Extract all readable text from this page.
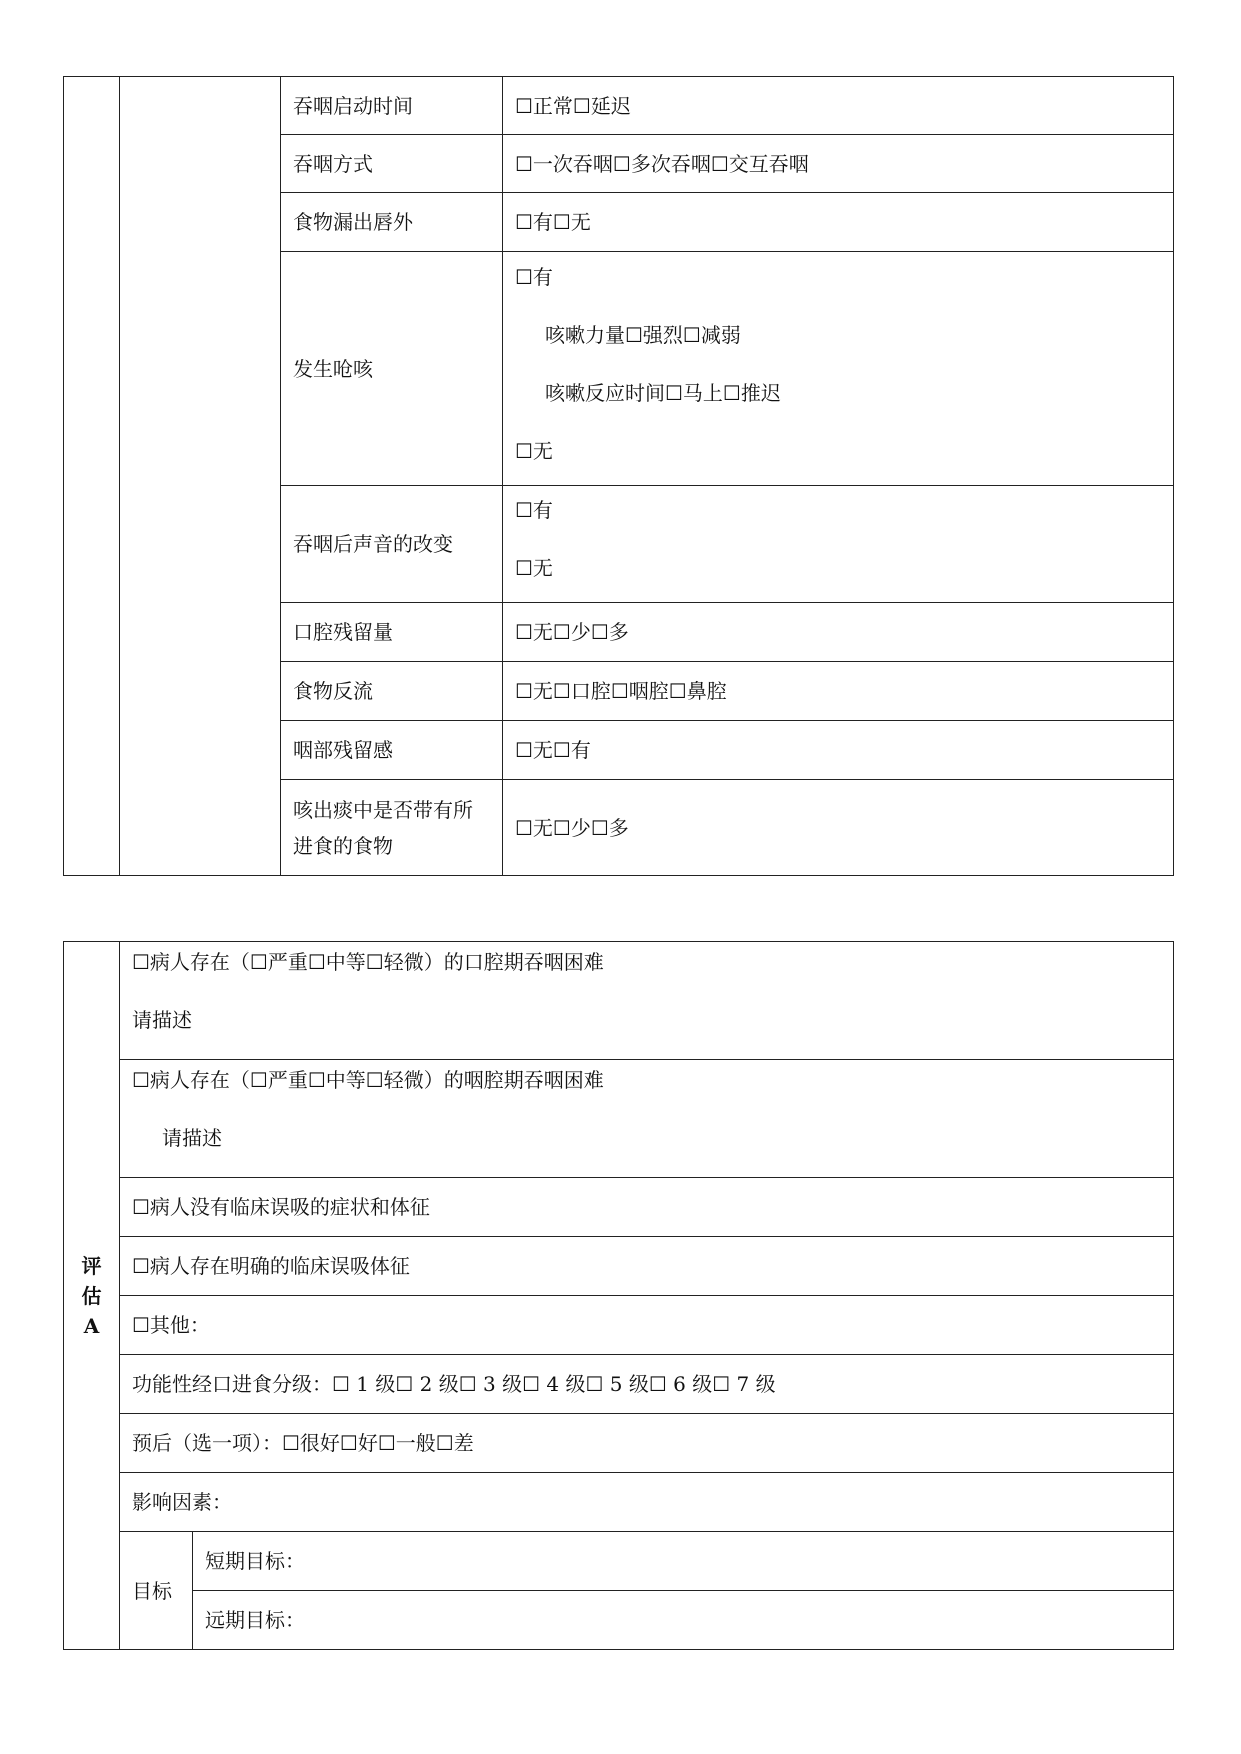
		吞咽启动时间	☐正常☐延迟
		吞咽方式	☐一次吞咽☐多次吞咽☐交互吞咽
		食物漏出唇外	☐有☐无
		发生呛咳	☐有
咳嗽力量☐强烈☐减弱
咳嗽反应时间☐马上☐推迟
☐无

		吞咽后声音的改变	☐有
☐无

		口腔残留量	☐无☐少☐多
		食物反流	☐无☐口腔☐咽腔☐鼻腔
		咽部残留感	☐无☐有

		咳出痰中是否带有所
进食的食物	☐无☐少☐多
评
估
A	☐病人存在（☐严重☐中等☐轻微）的口腔期吞咽困难
请描述	

	☐病人存在（☐严重☐中等☐轻微）的咽腔期吞咽困难
请描述	

	☐病人没有临床误吸的症状和体征	
	☐病人存在明确的临床误吸体征	
	☐其他：	
	功能性经口进食分级：☐ 1 级☐ 2 级☐ 3 级☐ 4 级☐ 5 级☐ 6 级☐ 7 级	
	预后（选一项）：☐很好☐好☐一般☐差	
	影响因素：	
	目标	短期目标：
		远期目标：
